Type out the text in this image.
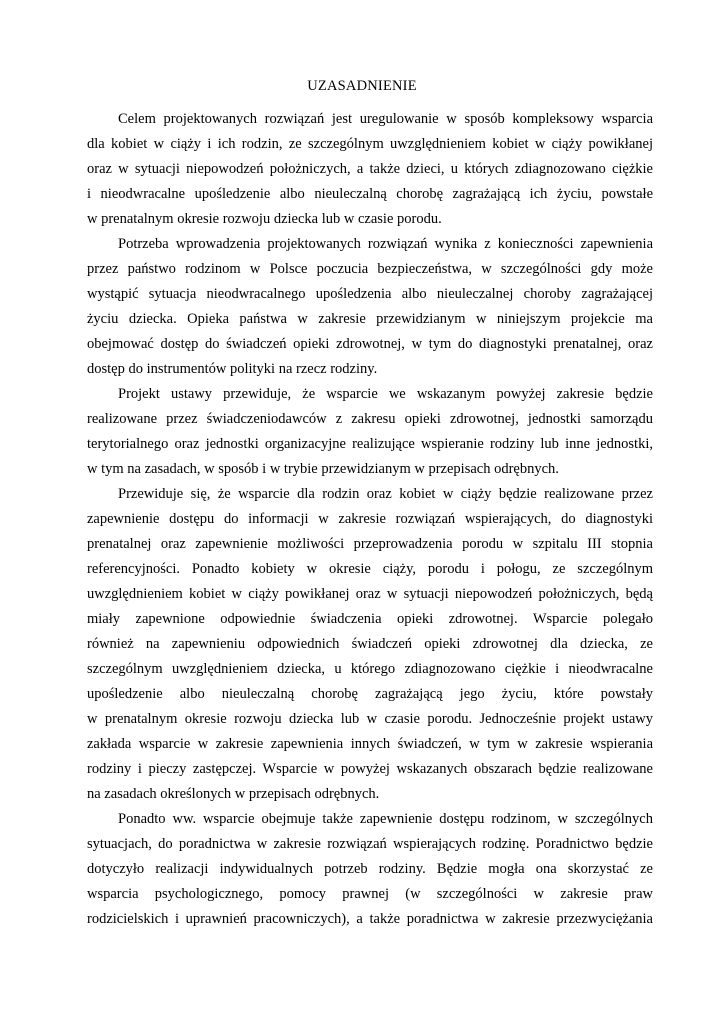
UZASADNIENIE
Celem projektowanych rozwiązań jest uregulowanie w sposób kompleksowy wsparcia
dla kobiet w ciąży i ich rodzin, ze szczególnym uwzględnieniem kobiet w ciąży powikłanej
oraz w sytuacji niepowodzeń położniczych, a także dzieci, u których zdiagnozowano ciężkie
i nieodwracalne upośledzenie albo nieuleczalną chorobę zagrażającą ich życiu, powstałe
w prenatalnym okresie rozwoju dziecka lub w czasie porodu.
Potrzeba wprowadzenia projektowanych rozwiązań wynika z konieczności zapewnienia
przez państwo rodzinom w Polsce poczucia bezpieczeństwa, w szczególności gdy może
wystąpić sytuacja nieodwracalnego upośledzenia albo nieuleczalnej choroby zagrażającej
życiu dziecka. Opieka państwa w zakresie przewidzianym w niniejszym projekcie ma
obejmować dostęp do świadczeń opieki zdrowotnej, w tym do diagnostyki prenatalnej, oraz
dostęp do instrumentów polityki na rzecz rodziny.
Projekt ustawy przewiduje, że wsparcie we wskazanym powyżej zakresie będzie
realizowane przez świadczeniodawców z zakresu opieki zdrowotnej, jednostki samorządu
terytorialnego oraz jednostki organizacyjne realizujące wspieranie rodziny lub inne jednostki,
w tym na zasadach, w sposób i w trybie przewidzianym w przepisach odrębnych.
Przewiduje się, że wsparcie dla rodzin oraz kobiet w ciąży będzie realizowane przez
zapewnienie dostępu do informacji w zakresie rozwiązań wspierających, do diagnostyki
prenatalnej oraz zapewnienie możliwości przeprowadzenia porodu w szpitalu III stopnia
referencyjności. Ponadto kobiety w okresie ciąży, porodu i połogu, ze szczególnym
uwzględnieniem kobiet w ciąży powikłanej oraz w sytuacji niepowodzeń położniczych, będą
miały zapewnione odpowiednie świadczenia opieki zdrowotnej. Wsparcie polegało
również na zapewnieniu odpowiednich świadczeń opieki zdrowotnej dla dziecka, ze
szczególnym uwzględnieniem dziecka, u którego zdiagnozowano ciężkie i nieodwracalne
upośledzenie albo nieuleczalną chorobę zagrażającą jego życiu, które powstały
w prenatalnym okresie rozwoju dziecka lub w czasie porodu. Jednocześnie projekt ustawy
zakłada wsparcie w zakresie zapewnienia innych świadczeń, w tym w zakresie wspierania
rodziny i pieczy zastępczej. Wsparcie w powyżej wskazanych obszarach będzie realizowane
na zasadach określonych w przepisach odrębnych.
Ponadto ww. wsparcie obejmuje także zapewnienie dostępu rodzinom, w szczególnych
sytuacjach, do poradnictwa w zakresie rozwiązań wspierających rodzinę. Poradnictwo będzie
dotyczyło realizacji indywidualnych potrzeb rodziny. Będzie mogła ona skorzystać ze
wsparcia psychologicznego, pomocy prawnej (w szczególności w zakresie praw
rodzicielskich i uprawnień pracowniczych), a także poradnictwa w zakresie przezwyciężania
